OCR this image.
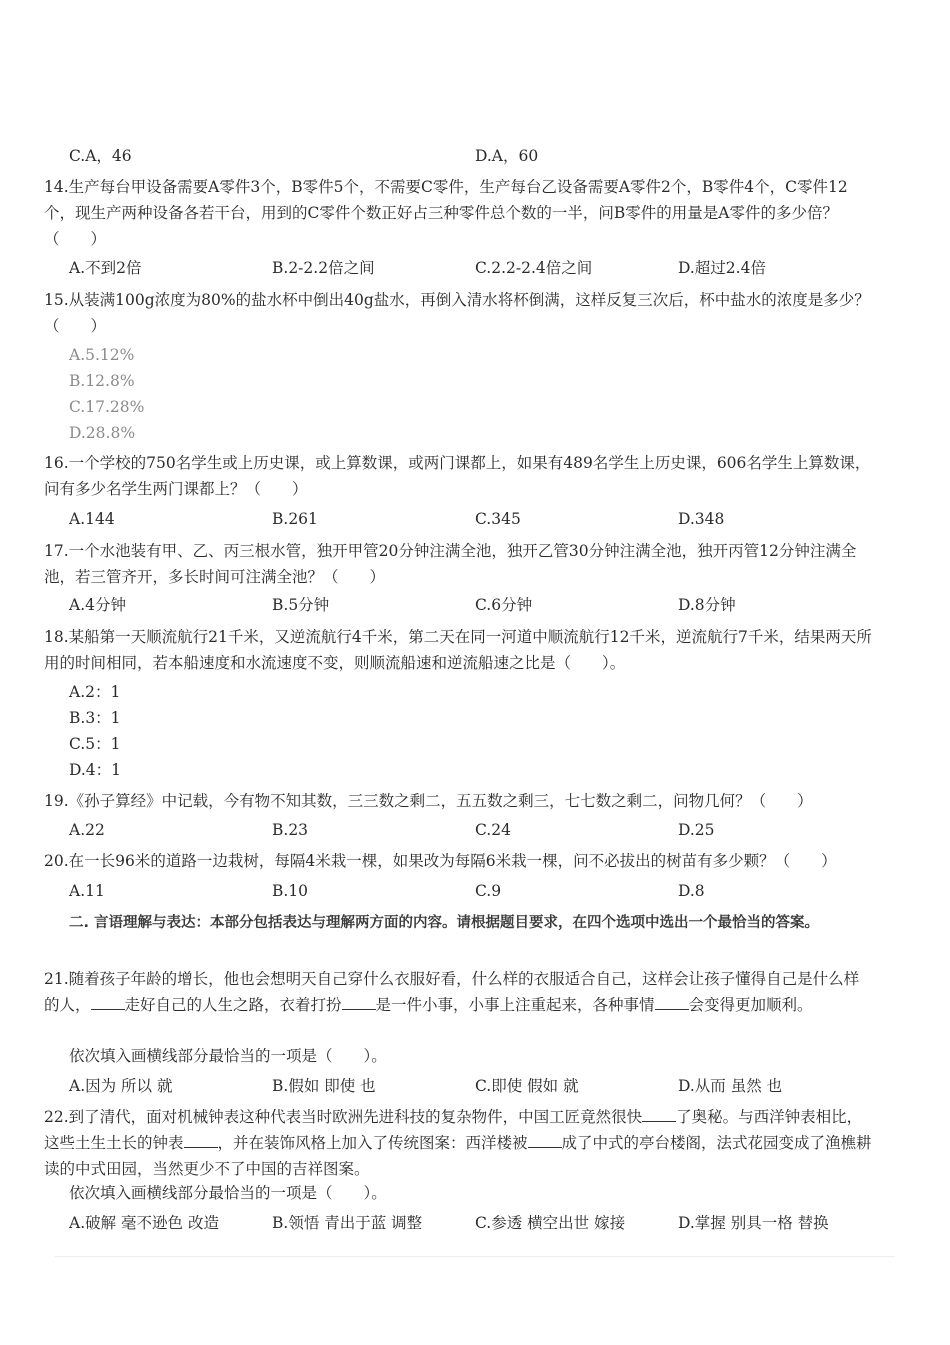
C.A，46	D.A，60

14.生产每台甲设备需要A零件3个，B零件5个，不需要C零件，生产每台乙设备需要A零件2个，B零件4个，C零件12个，现生产两种设备各若干台，用到的C零件个数正好占三种零件总个数的一半，问B零件的用量是A零件的多少倍？（　　）

A.不到2倍	B.2-2.2倍之间	C.2.2-2.4倍之间	D.超过2.4倍

15.从装满100g浓度为80%的盐水杯中倒出40g盐水，再倒入清水将杯倒满，这样反复三次后，杯中盐水的浓度是多少？（　　）

A.5.12%
B.12.8%
C.17.28%
D.28.8%

16.一个学校的750名学生或上历史课，或上算数课，或两门课都上，如果有489名学生上历史课，606名学生上算数课，问有多少名学生两门课都上？（　　）

A.144	B.261	C.345	D.348

17.一个水池装有甲、乙、丙三根水管，独开甲管20分钟注满全池，独开乙管30分钟注满全池，独开丙管12分钟注满全池，若三管齐开，多长时间可注满全池？（　　）

A.4分钟	B.5分钟	C.6分钟	D.8分钟

18.某船第一天顺流航行21千米，又逆流航行4千米，第二天在同一河道中顺流航行12千米，逆流航行7千米，结果两天所用的时间相同，若本船速度和水流速度不变，则顺流船速和逆流船速之比是（　　）。

A.2：1
B.3：1
C.5：1
D.4：1

19.《孙子算经》中记载，今有物不知其数，三三数之剩二，五五数之剩三，七七数之剩二，问物几何？（　　）

A.22	B.23	C.24	D.25

20.在一长96米的道路一边栽树，每隔4米栽一棵，如果改为每隔6米栽一棵，问不必拔出的树苗有多少颗？（　　）

A.11	B.10	C.9	D.8

二. 言语理解与表达：本部分包括表达与理解两方面的内容。请根据题目要求，在四个选项中选出一个最恰当的答案。

21.随着孩子年龄的增长，他也会想明天自己穿什么衣服好看，什么样的衣服适合自己，这样会让孩子懂得自己是什么样的人， 走好自己的人生之路，衣着打扮 是一件小事，小事上注重起来，各种事情 会变得更加顺利。

依次填入画横线部分最恰当的一项是（　　）。
A.因为 所以 就	B.假如 即使 也	C.即使 假如 就	D.从而 虽然 也

22.到了清代，面对机械钟表这种代表当时欧洲先进科技的复杂物件，中国工匠竟然很快 了奥秘。与西洋钟表相比，这些土生土长的钟表 ，并在装饰风格上加入了传统图案：西洋楼被 成了中式的亭台楼阁，法式花园变成了渔樵耕读的中式田园，当然更少不了中国的吉祥图案。

依次填入画横线部分最恰当的一项是（　　）。
A.破解 毫不逊色 改造	B.领悟 青出于蓝 调整	C.参透 横空出世 嫁接	D.掌握 别具一格 替换
